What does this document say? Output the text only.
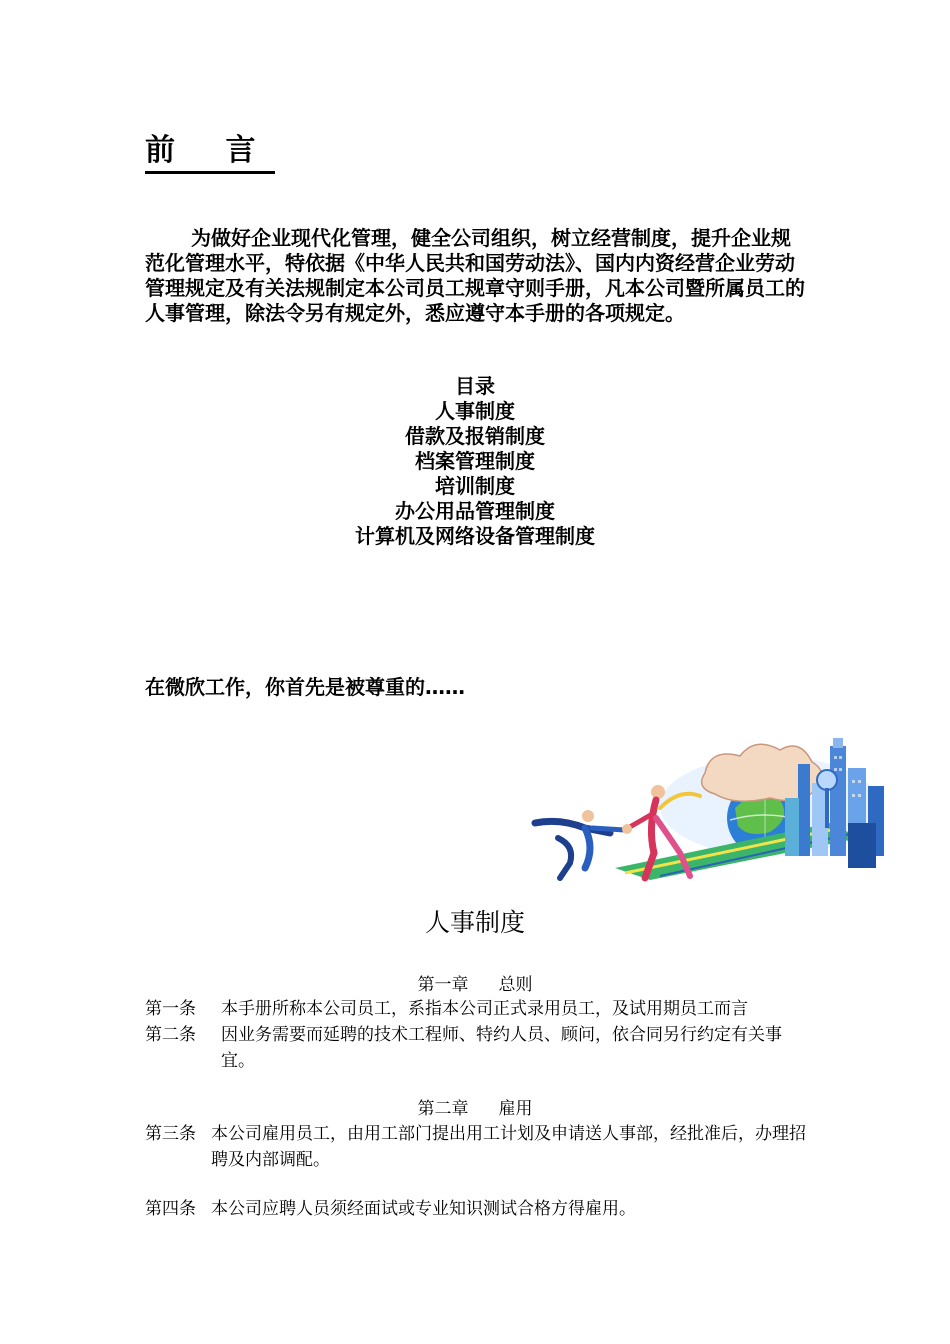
前 言
为做好企业现代化管理，健全公司组织，树立经营制度，提升企业规范化管理水平，特依据《中华人民共和国劳动法》、国内内资经营企业劳动管理规定及有关法规制定本公司员工规章守则手册，凡本公司暨所属员工的人事管理，除法令另有规定外，悉应遵守本手册的各项规定。
目录
人事制度
借款及报销制度
档案管理制度
培训制度
办公用品管理制度
计算机及网络设备管理制度
在微欣工作，你首先是被尊重的……
人事制度
第一章 总则
第一条 本手册所称本公司员工，系指本公司正式录用员工，及试用期员工而言
第二条 因业务需要而延聘的技术工程师、特约人员、顾问，依合同另行约定有关事宜。
第二章 雇用
第三条 本公司雇用员工，由用工部门提出用工计划及申请送人事部，经批准后，办理招聘及内部调配。
第四条 本公司应聘人员须经面试或专业知识测试合格方得雇用。
